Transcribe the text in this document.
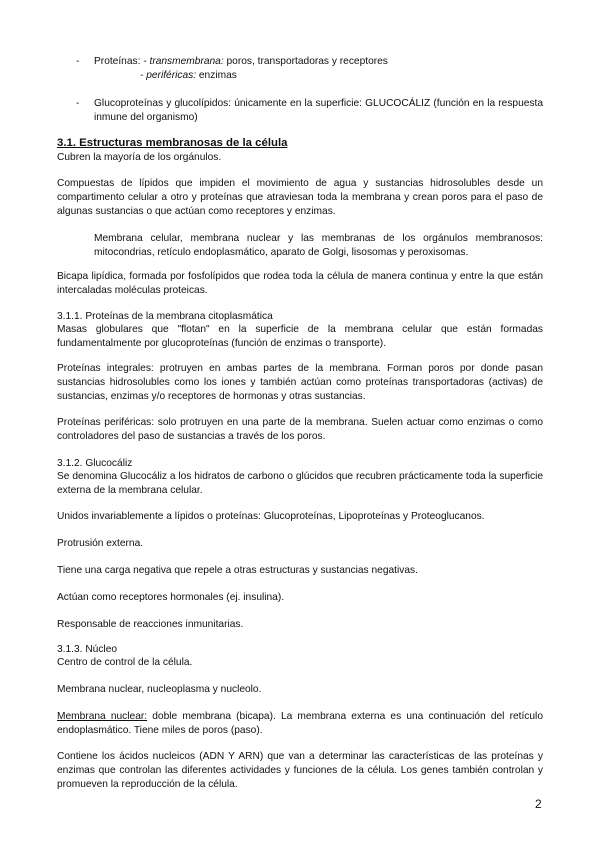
- Proteínas: - transmembrana: poros, transportadoras y receptores

- periféricas: enzimas

- Glucoproteínas y glucolípidos: únicamente en la superficie: GLUCOCÁLIZ (función en la respuesta inmune del organismo)

3.1. Estructuras membranosas de la célula

Cubren la mayoría de los orgánulos.

Compuestas de lípidos que impiden el movimiento de agua y sustancias hidrosolubles desde un compartimento celular a otro y proteínas que atraviesan toda la membrana y crean poros para el paso de algunas sustancias o que actúan como receptores y enzimas.

Membrana celular, membrana nuclear y las membranas de los orgánulos membranosos: mitocondrias, retículo endoplasmático, aparato de Golgi, lisosomas y peroxisomas.

Bicapa lipídica, formada por fosfolípidos que rodea toda la célula de manera continua y entre la que están intercaladas moléculas proteicas.

3.1.1. Proteínas de la membrana citoplasmática

Masas globulares que "flotan" en la superficie de la membrana celular que están formadas fundamentalmente por glucoproteínas (función de enzimas o transporte).

Proteínas integrales: protruyen en ambas partes de la membrana. Forman poros por donde pasan sustancias hidrosolubles como los iones y también actúan como proteínas transportadoras (activas) de sustancias, enzimas y/o receptores de hormonas y otras sustancias.

Proteínas periféricas: solo protruyen en una parte de la membrana. Suelen actuar como enzimas o como controladores del paso de sustancias a través de los poros.

3.1.2. Glucocáliz

Se denomina Glucocáliz a los hidratos de carbono o glúcidos que recubren prácticamente toda la superficie externa de la membrana celular.

Unidos invariablemente a lípidos o proteínas: Glucoproteínas, Lipoproteínas y Proteoglucanos.

Protrusión externa.

Tiene una carga negativa que repele a otras estructuras y sustancias negativas.

Actúan como receptores hormonales (ej. insulina).

Responsable de reacciones inmunitarias.

3.1.3. Núcleo

Centro de control de la célula.

Membrana nuclear, nucleoplasma y nucleolo.

Membrana nuclear: doble membrana (bicapa). La membrana externa es una continuación del retículo endoplasmático. Tiene miles de poros (paso).

Contiene los ácidos nucleicos (ADN Y ARN) que van a determinar las características de las proteínas y enzimas que controlan las diferentes actividades y funciones de la célula. Los genes también controlan y promueven la reproducción de la célula.

2
